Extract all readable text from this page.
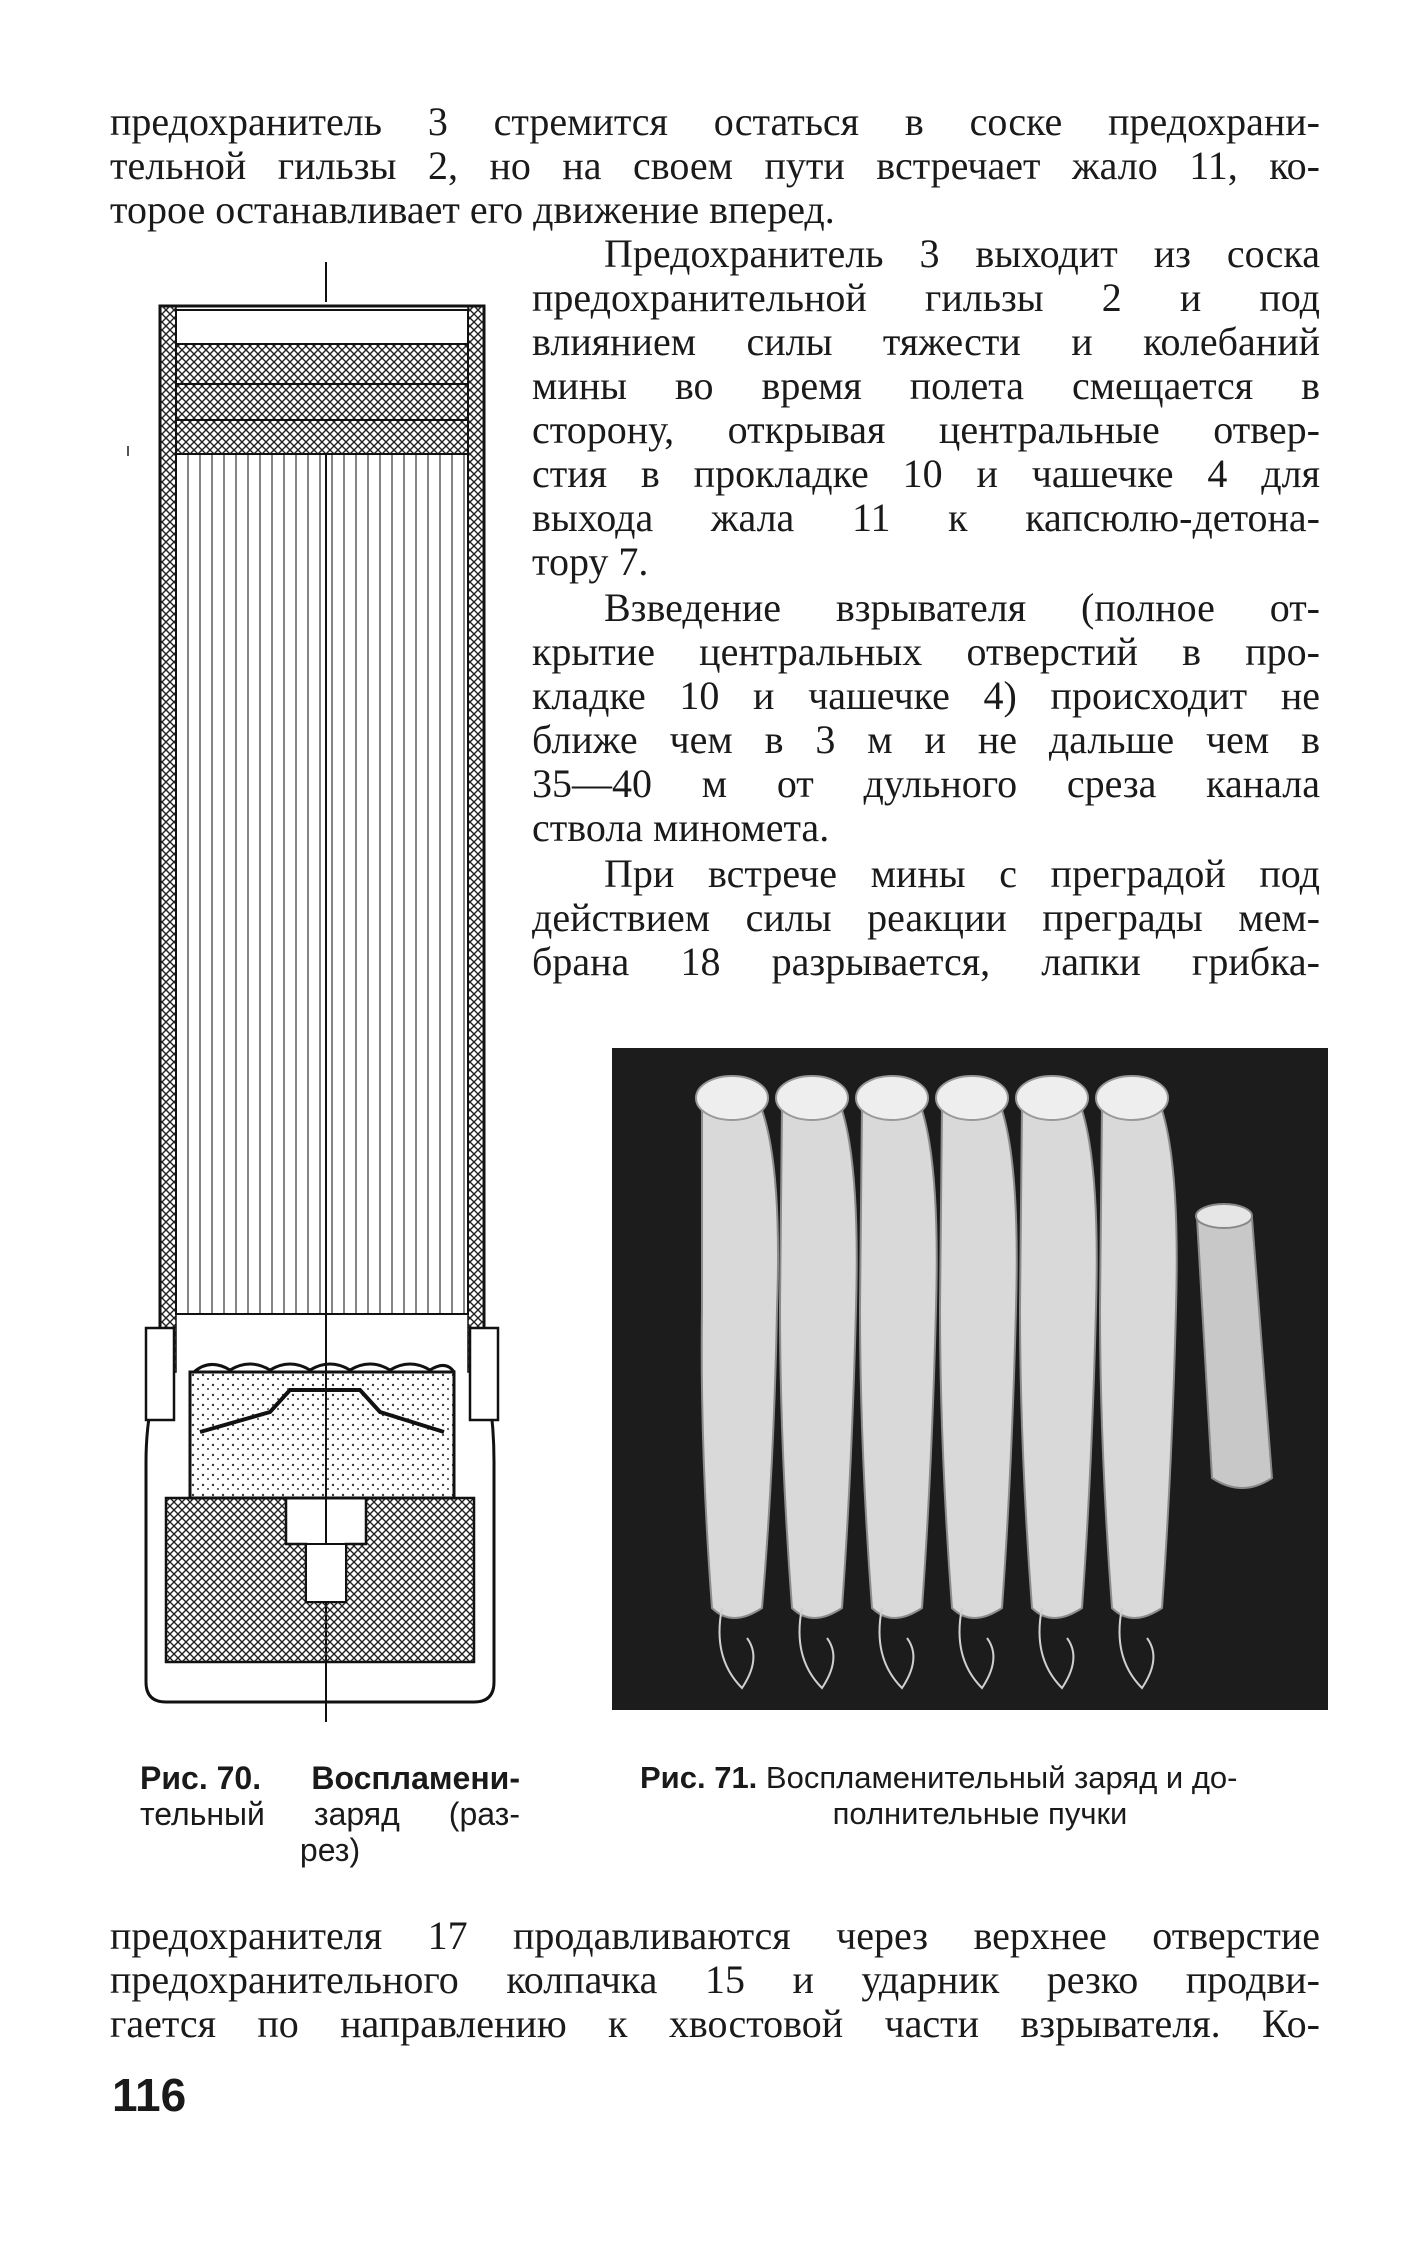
предохранитель 3 стремится остаться в соске предохрани-
тельной гильзы 2, но на своем пути встречает жало 11, ко-
торое останавливает его движение вперед.
Предохранитель 3 выходит из соска
предохранительной гильзы 2 и под
влиянием силы тяжести и колебаний
мины во время полета смещается в
сторону, открывая центральные отвер-
стия в прокладке 10 и чашечке 4 для
выхода жала 11 к капсюлю-детона-
тору 7.
Взведение взрывателя (полное от-
крытие центральных отверстий в про-
кладке 10 и чашечке 4) происходит не
ближе чем в 3 м и не дальше чем в
35—40 м от дульного среза канала
ствола миномета.
При встрече мины с преградой под
действием силы реакции преграды мем-
брана 18 разрывается, лапки грибка-
Рис. 70. Воспламени-
тельный заряд (раз-
рез)
Рис. 71. Воспламенительный заряд и до-
полнительные пучки
предохранителя 17 продавливаются через верхнее отверстие
предохранительного колпачка 15 и ударник резко продви-
гается по направлению к хвостовой части взрывателя. Ко-
116
